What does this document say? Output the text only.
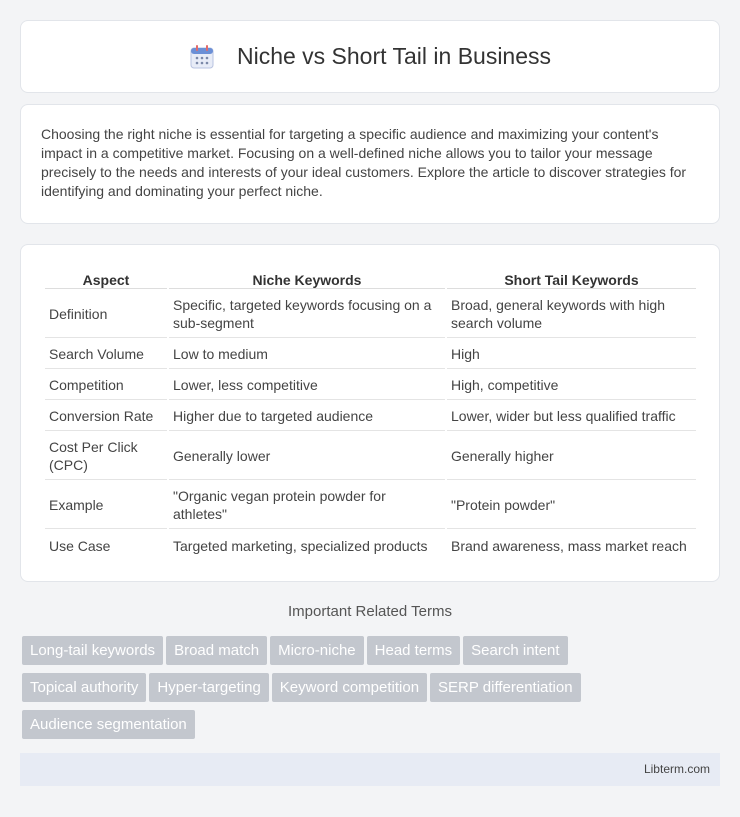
Niche vs Short Tail in Business

Choosing the right niche is essential for targeting a specific audience and maximizing your content's impact in a competitive market. Focusing on a well-defined niche allows you to tailor your message precisely to the needs and interests of your ideal customers. Explore the article to discover strategies for identifying and dominating your perfect niche.

Aspect	Niche Keywords	Short Tail Keywords
Definition	Specific, targeted keywords focusing on a sub-segment	Broad, general keywords with high search volume
Search Volume	Low to medium	High
Competition	Lower, less competitive	High, competitive
Conversion Rate	Higher due to targeted audience	Lower, wider but less qualified traffic
Cost Per Click (CPC)	Generally lower	Generally higher
Example	"Organic vegan protein powder for athletes"	"Protein powder"
Use Case	Targeted marketing, specialized products	Brand awareness, mass market reach
Important Related Terms
Long-tail keywords Broad match Micro-niche Head terms Search intent
Topical authority Hyper-targeting Keyword competition SERP differentiation
Audience segmentation
Libterm.com
